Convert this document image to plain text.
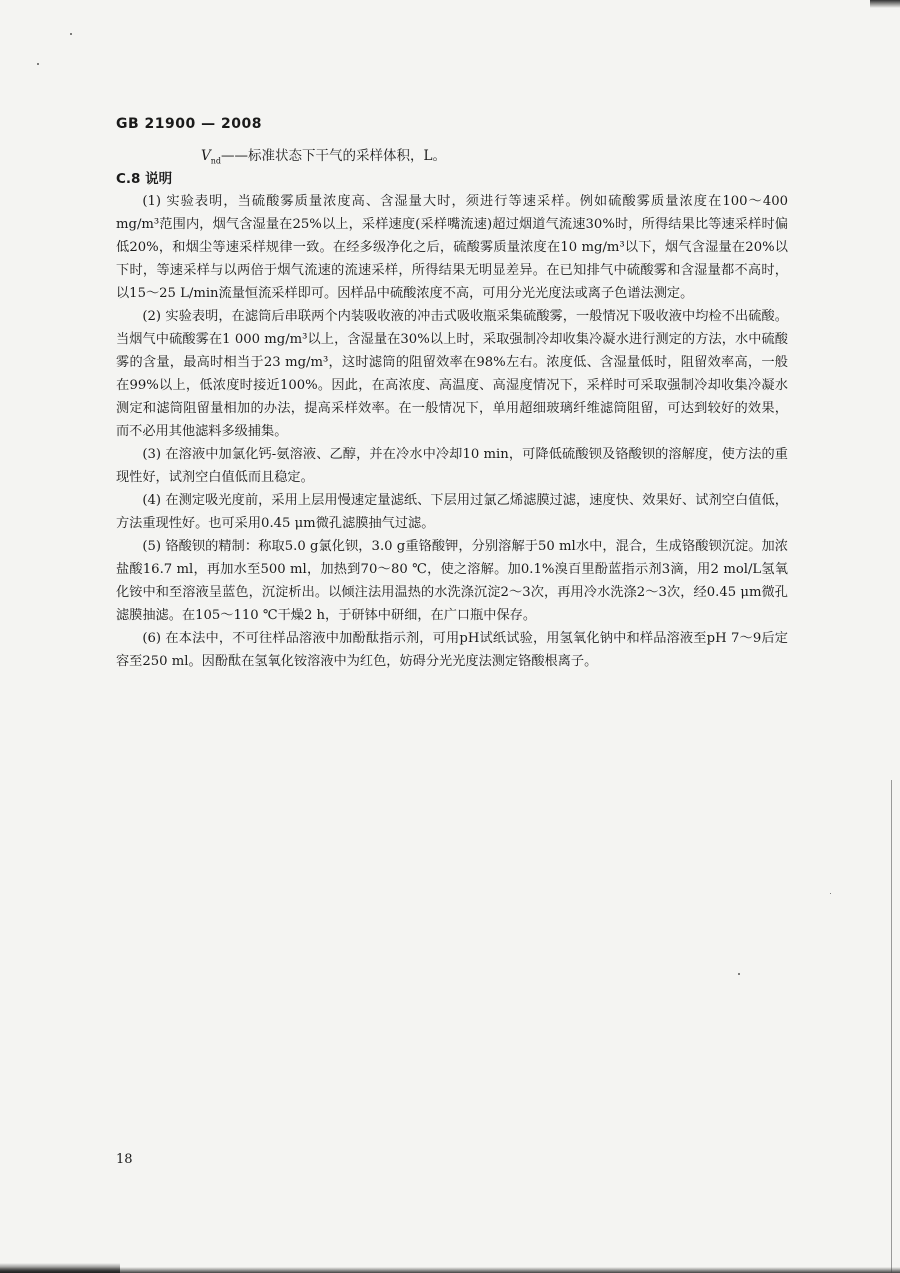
GB 21900 — 2008
$V_{nd}——$标准状态下干气的采样体积，L。
C.8 说明

(1) 实验表明，当硫酸雾质量浓度高、含湿量大时，须进行等速采样。例如硫酸雾质量浓度在100～400 mg/m³范围内，烟气含湿量在25%以上，采样速度(采样嘴流速)超过烟道气流速30%时，所得结果比等速采样时偏低20%，和烟尘等速采样规律一致。在经多级净化之后，硫酸雾质量浓度在10 mg/m³以下，烟气含湿量在20%以下时，等速采样与以两倍于烟气流速的流速采样，所得结果无明显差异。在已知排气中硫酸雾和含湿量都不高时，以15～25 L/min流量恒流采样即可。因样品中硫酸浓度不高，可用分光光度法或离子色谱法测定。

(2) 实验表明，在滤筒后串联两个内装吸收液的冲击式吸收瓶采集硫酸雾，一般情况下吸收液中均检不出硫酸。当烟气中硫酸雾在1 000 mg/m³以上，含湿量在30%以上时，采取强制冷却收集冷凝水进行测定的方法，水中硫酸雾的含量，最高时相当于23 mg/m³，这时滤筒的阻留效率在98%左右。浓度低、含湿量低时，阻留效率高，一般在99%以上，低浓度时接近100%。因此，在高浓度、高温度、高湿度情况下，采样时可采取强制冷却收集冷凝水测定和滤筒阻留量相加的办法，提高采样效率。在一般情况下，单用超细玻璃纤维滤筒阻留，可达到较好的效果，而不必用其他滤料多级捕集。

(3) 在溶液中加氯化钙-氨溶液、乙醇，并在冷水中冷却10 min，可降低硫酸钡及铬酸钡的溶解度，使方法的重现性好，试剂空白值低而且稳定。

(4) 在测定吸光度前，采用上层用慢速定量滤纸、下层用过氯乙烯滤膜过滤，速度快、效果好、试剂空白值低，方法重现性好。也可采用0.45 μm微孔滤膜抽气过滤。

(5) 铬酸钡的精制：称取5.0 g氯化钡，3.0 g重铬酸钾，分别溶解于50 ml水中，混合，生成铬酸钡沉淀。加浓盐酸16.7 ml，再加水至500 ml，加热到70～80 ℃，使之溶解。加0.1%溴百里酚蓝指示剂3滴，用2 mol/L氢氧化铵中和至溶液呈蓝色，沉淀析出。以倾注法用温热的水洗涤沉淀2～3次，再用冷水洗涤2～3次，经0.45 μm微孔滤膜抽滤。在105～110 ℃干燥2 h，于研钵中研细，在广口瓶中保存。

(6) 在本法中，不可往样品溶液中加酚酞指示剂，可用pH试纸试验，用氢氧化钠中和样品溶液至pH 7～9后定容至250 ml。因酚酞在氢氧化铵溶液中为红色，妨碍分光光度法测定铬酸根离子。

18
